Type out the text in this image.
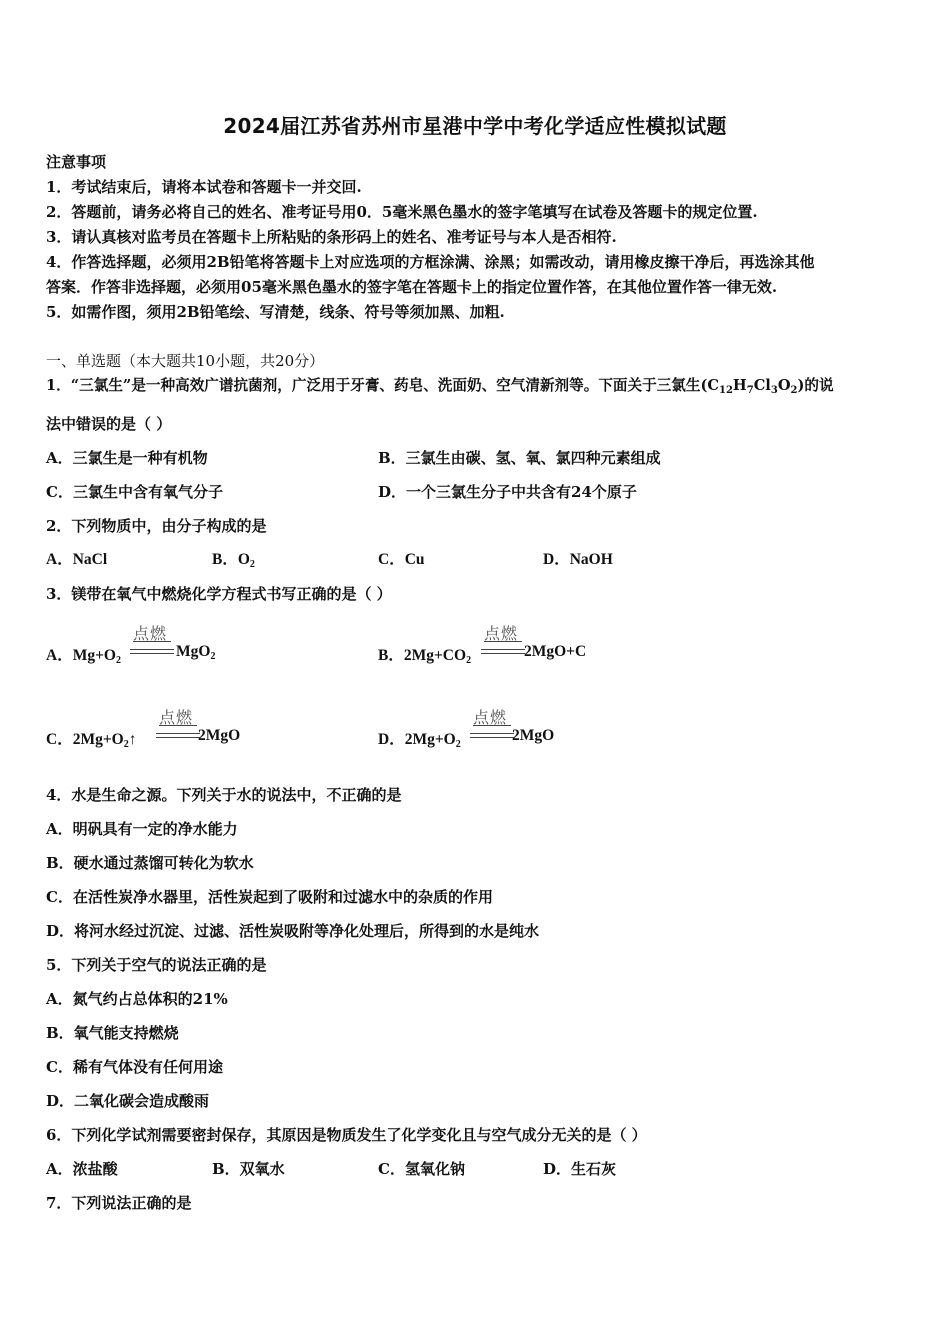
2024届江苏省苏州市星港中学中考化学适应性模拟试题
注意事项
1．考试结束后，请将本试卷和答题卡一并交回.
2．答题前，请务必将自己的姓名、准考证号用0．5毫米黑色墨水的签字笔填写在试卷及答题卡的规定位置.
3．请认真核对监考员在答题卡上所粘贴的条形码上的姓名、准考证号与本人是否相符.
4．作答选择题，必须用2B铅笔将答题卡上对应选项的方框涂满、涂黑；如需改动，请用橡皮擦干净后，再选涂其他
答案．作答非选择题，必须用05毫米黑色墨水的签字笔在答题卡上的指定位置作答，在其他位置作答一律无效.
5．如需作图，须用2B铅笔绘、写清楚，线条、符号等须加黑、加粗.
一、单选题（本大题共10小题，共20分）
1．“三氯生”是一种高效广谱抗菌剂，广泛用于牙膏、药皂、洗面奶、空气清新剂等。下面关于三氯生$(C_{12}H_7Cl_3O_2)$的说
法中错误的是（ ）
A．三氯生是一种有机物	B．三氯生由碳、氢、氧、氯四种元素组成
C．三氯生中含有氧气分子	D．一个三氯生分子中共含有24个原子
2．下列物质中，由分子构成的是
A．NaCl	B．$O_2$	C．Cu	D．NaOH
3．镁带在氧气中燃烧化学方程式书写正确的是（ ）
A．$Mg+O_2$
点燃
MgO$_2$	B．$2Mg+CO_2$
点燃
2MgO+C
C．$2Mg+O_2↑$
点燃
2MgO	D．$2Mg+O_2$
点燃
2MgO
4．水是生命之源。下列关于水的说法中，不正确的是
A．明矾具有一定的净水能力
B．硬水通过蒸馏可转化为软水
C．在活性炭净水器里，活性炭起到了吸附和过滤水中的杂质的作用
D．将河水经过沉淀、过滤、活性炭吸附等净化处理后，所得到的水是纯水
5．下列关于空气的说法正确的是
A．氮气约占总体积的21%
B．氧气能支持燃烧
C．稀有气体没有任何用途
D．二氧化碳会造成酸雨
6．下列化学试剂需要密封保存，其原因是物质发生了化学变化且与空气成分无关的是（ ）
A．浓盐酸	B．双氧水	C．氢氧化钠	D．生石灰
7．下列说法正确的是
